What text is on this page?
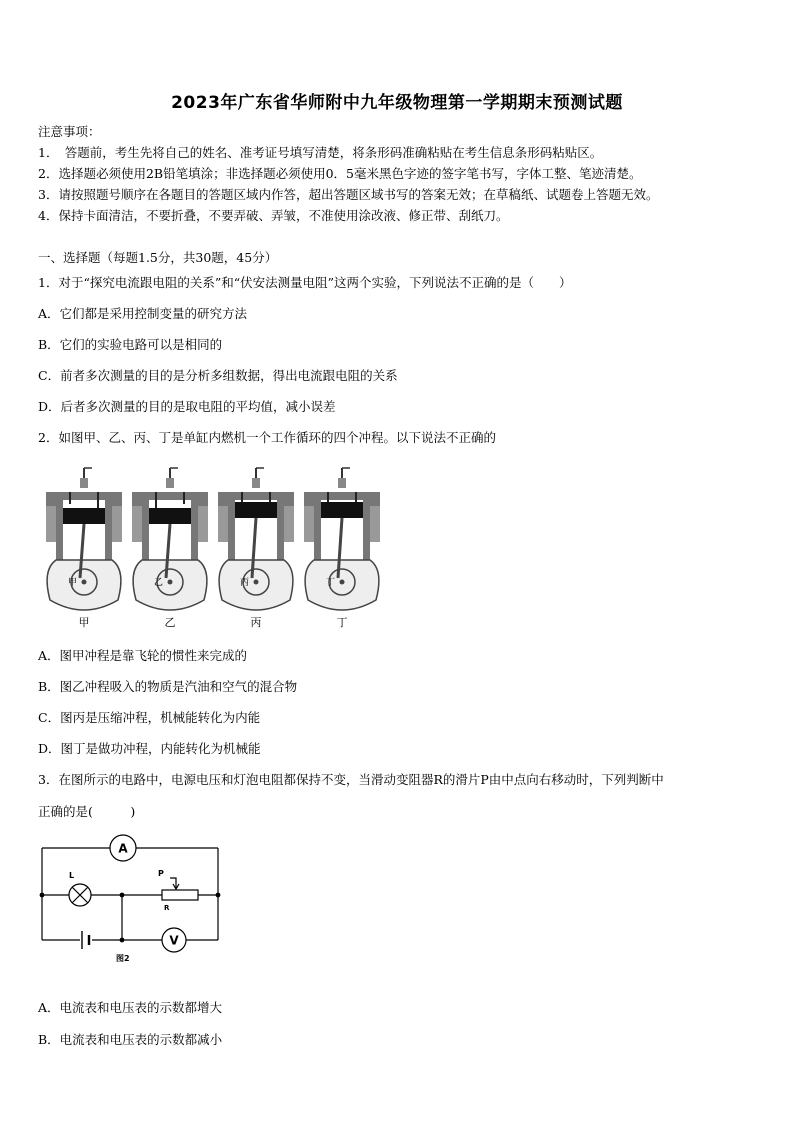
2023年广东省华师附中九年级物理第一学期期末预测试题
注意事项：
1．　答题前，考生先将自己的姓名、准考证号填写清楚，将条形码准确粘贴在考生信息条形码粘贴区。
2．选择题必须使用2B铅笔填涂；非选择题必须使用0．5毫米黑色字迹的签字笔书写，字体工整、笔迹清楚。
3．请按照题号顺序在各题目的答题区域内作答，超出答题区域书写的答案无效；在草稿纸、试题卷上答题无效。
4．保持卡面清洁，不要折叠，不要弄破、弄皱，不准使用涂改液、修正带、刮纸刀。
一、选择题（每题1.5分，共30题，45分）
1．对于“探究电流跟电阻的关系”和“伏安法测量电阻”这两个实验，下列说法不正确的是（　　）
A．它们都是采用控制变量的研究方法
B．它们的实验电路可以是相同的
C．前者多次测量的目的是分析多组数据，得出电流跟电阻的关系
D．后者多次测量的目的是取电阻的平均值，减小误差
2．如图甲、乙、丙、丁是单缸内燃机一个工作循环的四个冲程。以下说法不正确的
甲
甲
乙
乙
丙
丙
丁
丁
A．图甲冲程是靠飞轮的惯性来完成的
B．图乙冲程吸入的物质是汽油和空气的混合物
C．图丙是压缩冲程，机械能转化为内能
D．图丁是做功冲程，内能转化为机械能
3．在图所示的电路中，电源电压和灯泡电阻都保持不变，当滑动变阻器R的滑片P由中点向右移动时，下列判断中
正确的是(　　　)
A
V
L	P
R
图2
A．电流表和电压表的示数都增大
B．电流表和电压表的示数都减小
